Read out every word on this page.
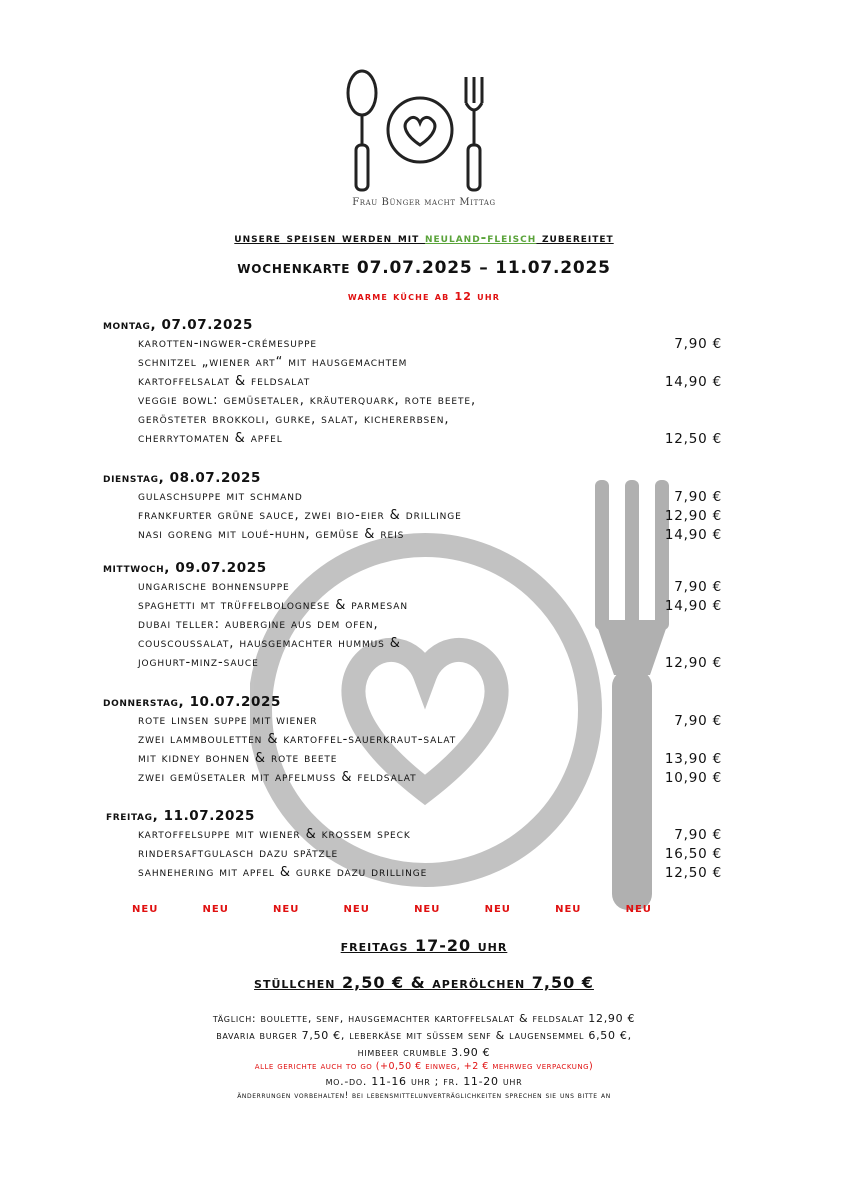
Frau Bünger macht Mittag
unsere speisen werden mit neuland-fleisch zubereitet
wochenkarte 07.07.2025 – 11.07.2025
warme küche ab 12 uhr
montag, 07.07.2025
karotten-ingwer-crémesuppe	7,90 €
schnitzel „wiener art“ mit hausgemachtem
kartoffelsalat & feldsalat	14,90 €
veggie bowl: gemüsetaler, kräuterquark, rote beete,
gerösteter brokkoli, gurke, salat, kichererbsen,
cherrytomaten & apfel	12,50 €
dienstag, 08.07.2025
gulaschsuppe mit schmand	7,90 €
frankfurter grüne sauce, zwei bio-eier & drillinge	12,90 €
nasi goreng mit loué-huhn, gemüse & reis	14,90 €
mittwoch, 09.07.2025
ungarische bohnensuppe	7,90 €
spaghetti mt trüffelbolognese & parmesan	14,90 €
dubai teller: aubergine aus dem ofen,
couscoussalat, hausgemachter hummus &
joghurt-minz-sauce	12,90 €
donnerstag, 10.07.2025
rote linsen suppe mit wiener	7,90 €
zwei lammbouletten & kartoffel-sauerkraut-salat
mit kidney bohnen & rote beete	13,90 €
zwei gemüsetaler mit apfelmuss & feldsalat	10,90 €
freitag, 11.07.2025
kartoffelsuppe mit wiener & krossem speck	7,90 €
rindersaftgulasch dazu spätzle	16,50 €
sahnehering mit apfel & gurke dazu drillinge	12,50 €
neu	neu	neu	neu	neu	neu	neu	neu
freitags 17-20 uhr
stüllchen 2,50 € & aperölchen 7,50 €
täglich: boulette, senf, hausgemachter kartoffelsalat & feldsalat 12,90 €
bavaria burger 7,50 €, leberkäse mit süssem senf & laugensemmel 6,50 €,
himbeer crumble 3.90 €
alle gerichte auch to go (+0,50 € einweg, +2 € mehrweg verpackung)
mo.-do. 11-16 uhr ; fr. 11-20 uhr
änderrungen vorbehalten! bei lebensmittelunverträglichkeiten sprechen sie uns bitte an
